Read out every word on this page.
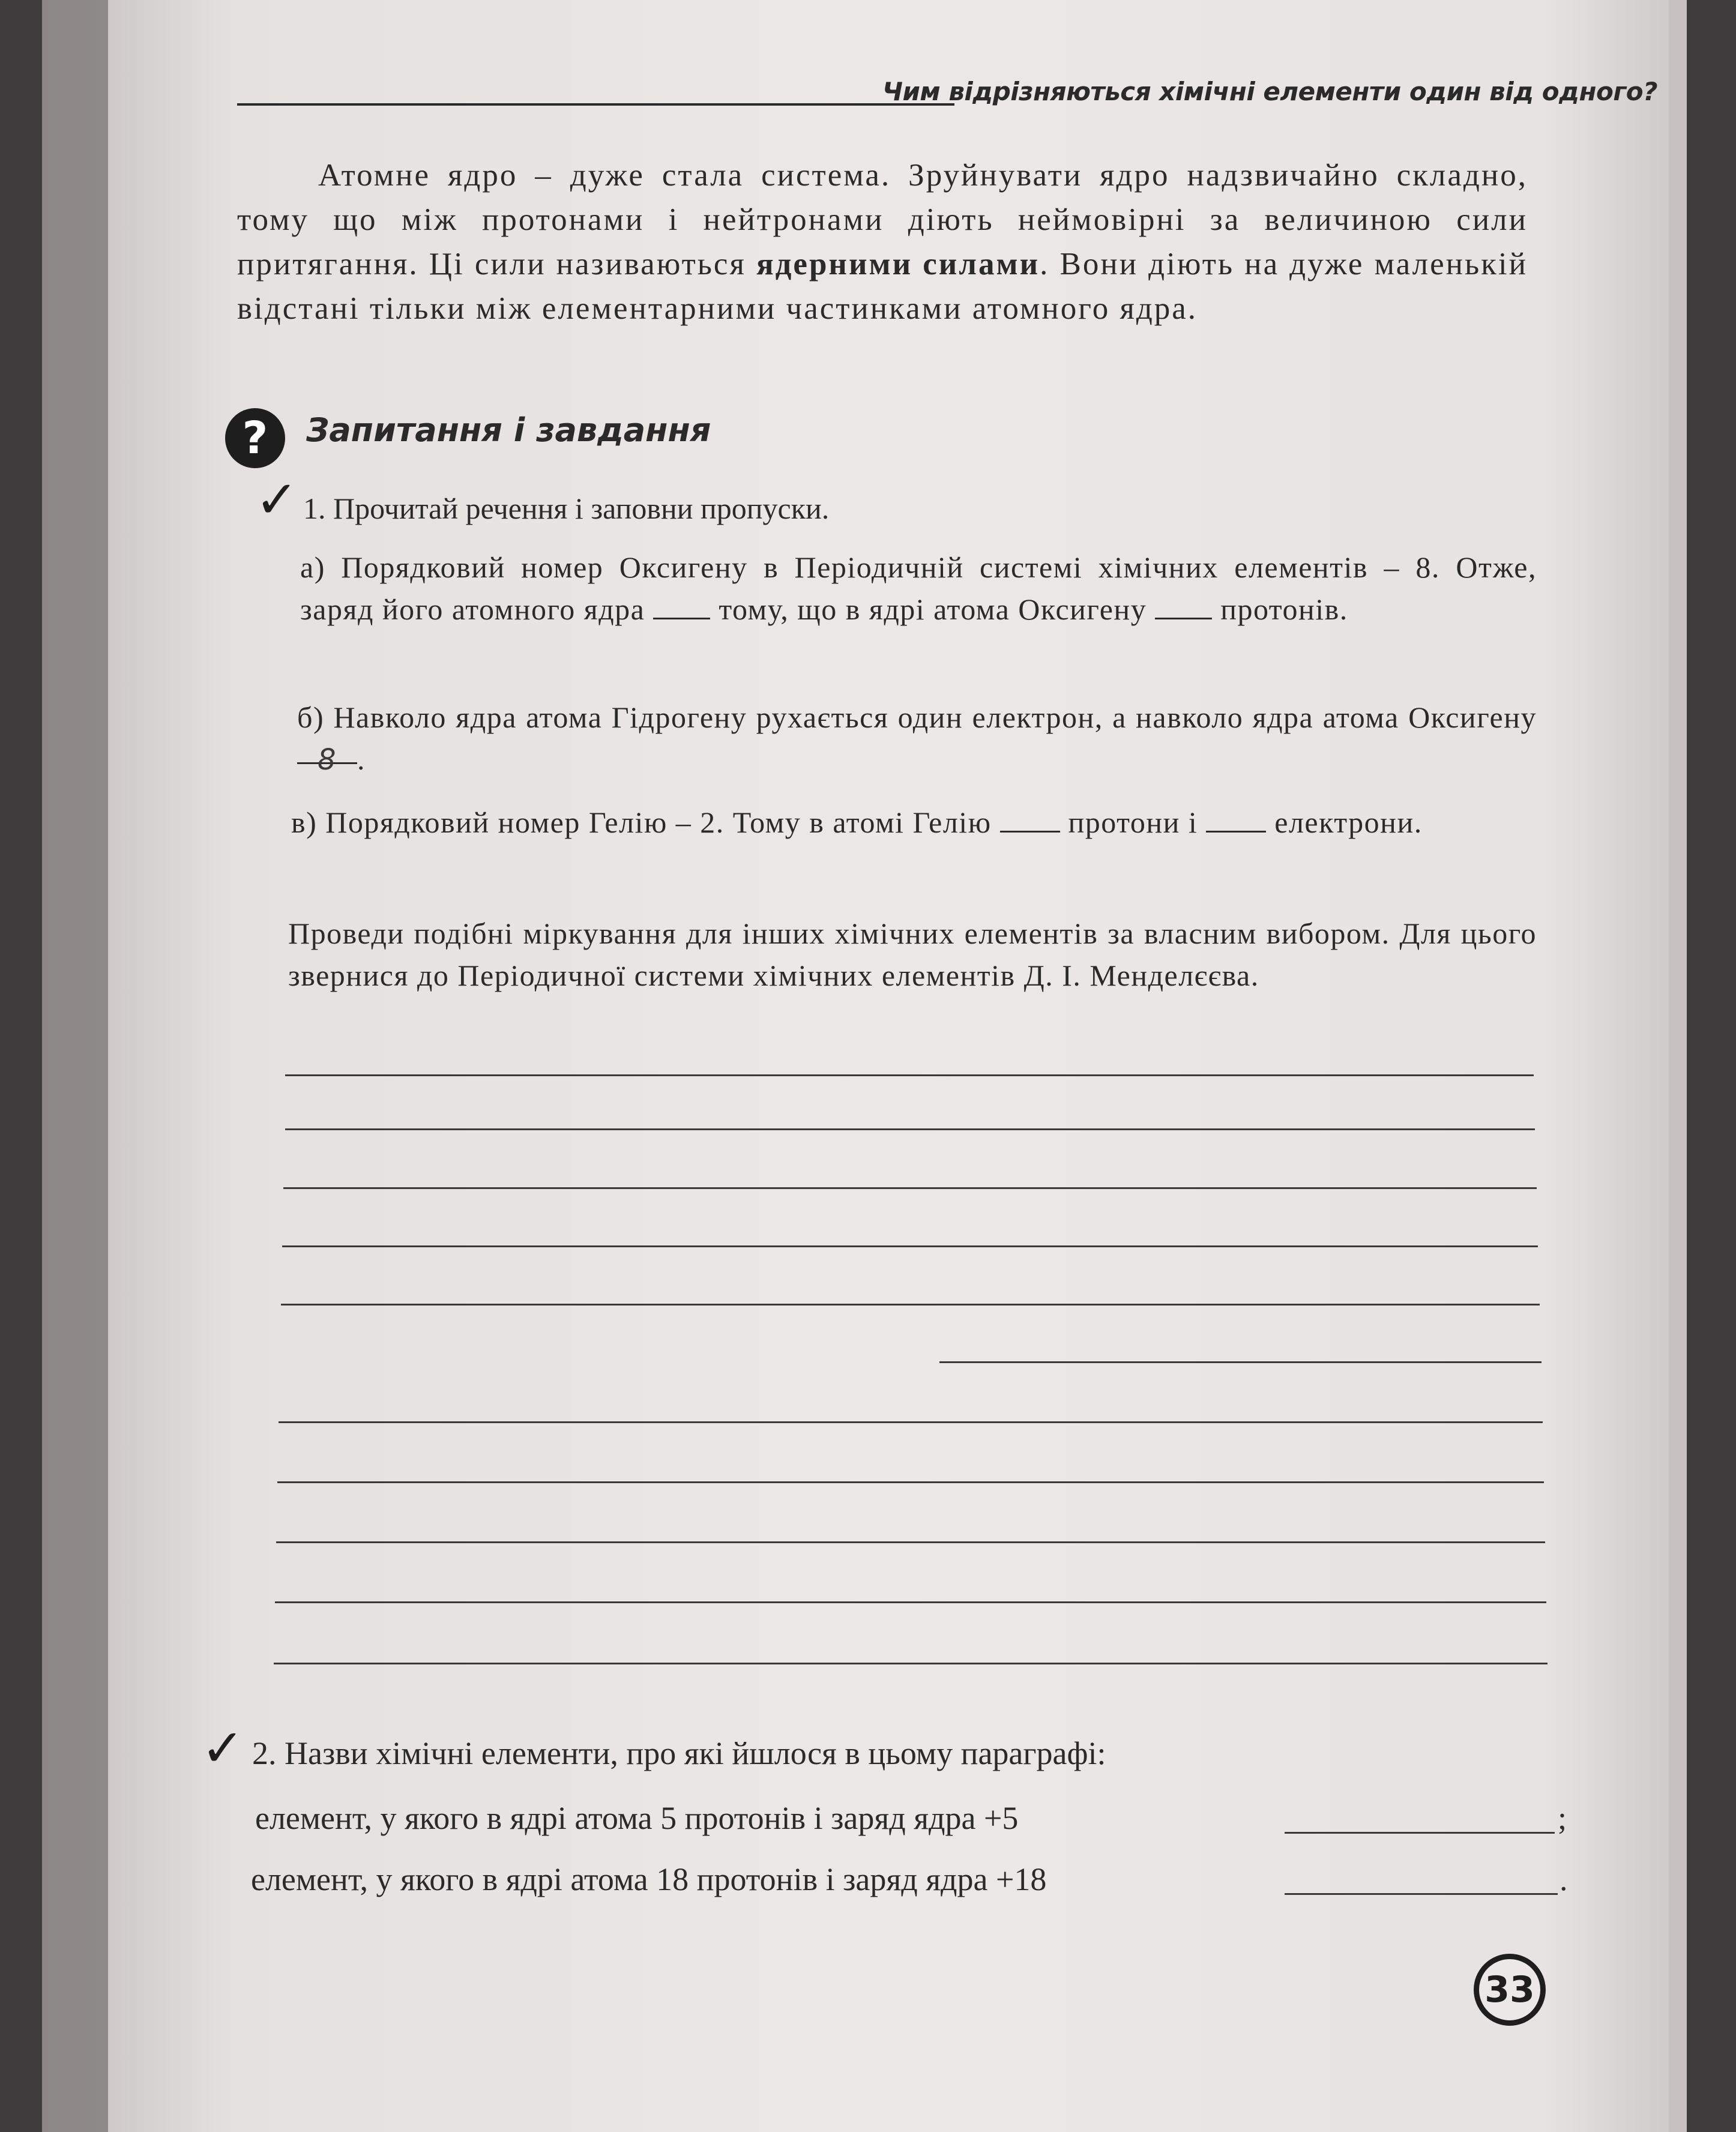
Чим відрізняються хімічні елементи один від одного?
Атомне ядро – дуже стала система. Зруйнувати ядро надзвичайно складно, тому що між протонами і нейтронами діють неймовірні за величиною сили притягання. Ці сили називаються ядерними силами. Вони діють на дуже маленькій відстані тільки між елементарними частинками атомного ядра.
?	Запитання і завдання
✓ 1. Прочитай речення і заповни пропуски.
а) Порядковий номер Оксигену в Періодичній системі хімічних елементів – 8. Отже, заряд його атомного ядра  тому, що в ядрі атома Оксигену  протонів.
б) Навколо ядра атома Гідрогену рухається один електрон, а навколо ядра атома Оксигену 8 .
в) Порядковий номер Гелію – 2. Тому в атомі Гелію  протони і  електрони.
Проведи подібні міркування для інших хімічних елементів за власним вибором. Для цього звернися до Періодичної системи хімічних елементів Д. І. Менделєєва.
✓ 2. Назви хімічні елементи, про які йшлося в цьому параграфі:
елемент, у якого в ядрі атома 5 протонів і заряд ядра +5	;
елемент, у якого в ядрі атома 18 протонів і заряд ядра +18	.
33
